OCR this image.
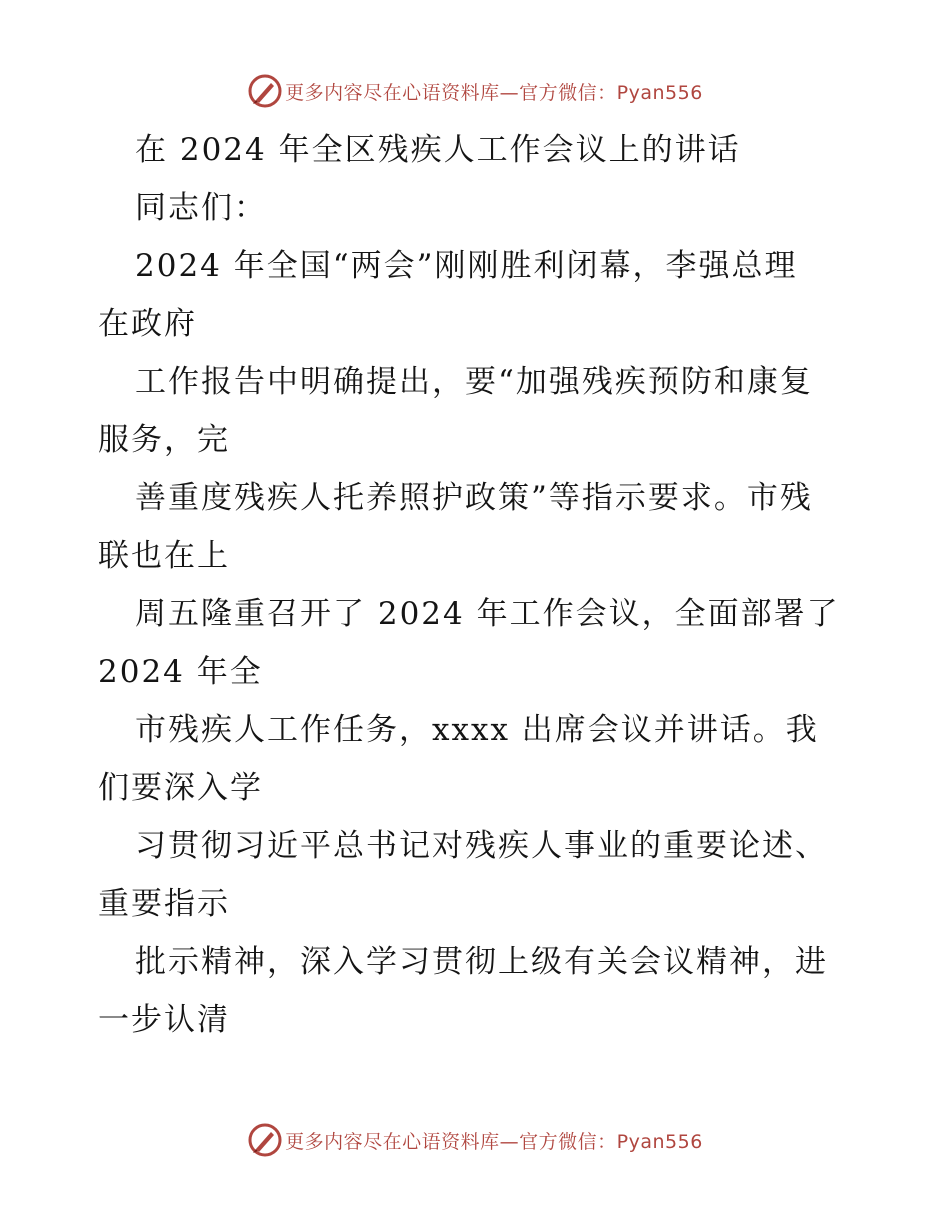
更多内容尽在心语资料库—官方微信：Pyan556
在 2024 年全区残疾人工作会议上的讲话
同志们：
2024 年全国“两会”刚刚胜利闭幕，李强总理
在政府
工作报告中明确提出，要“加强残疾预防和康复
服务，完
善重度残疾人托养照护政策”等指示要求。市残
联也在上
周五隆重召开了 2024 年工作会议，全面部署了
2024 年全
市残疾人工作任务，xxxx 出席会议并讲话。我
们要深入学
习贯彻习近平总书记对残疾人事业的重要论述、
重要指示
批示精神，深入学习贯彻上级有关会议精神，进
一步认清
更多内容尽在心语资料库—官方微信：Pyan556
